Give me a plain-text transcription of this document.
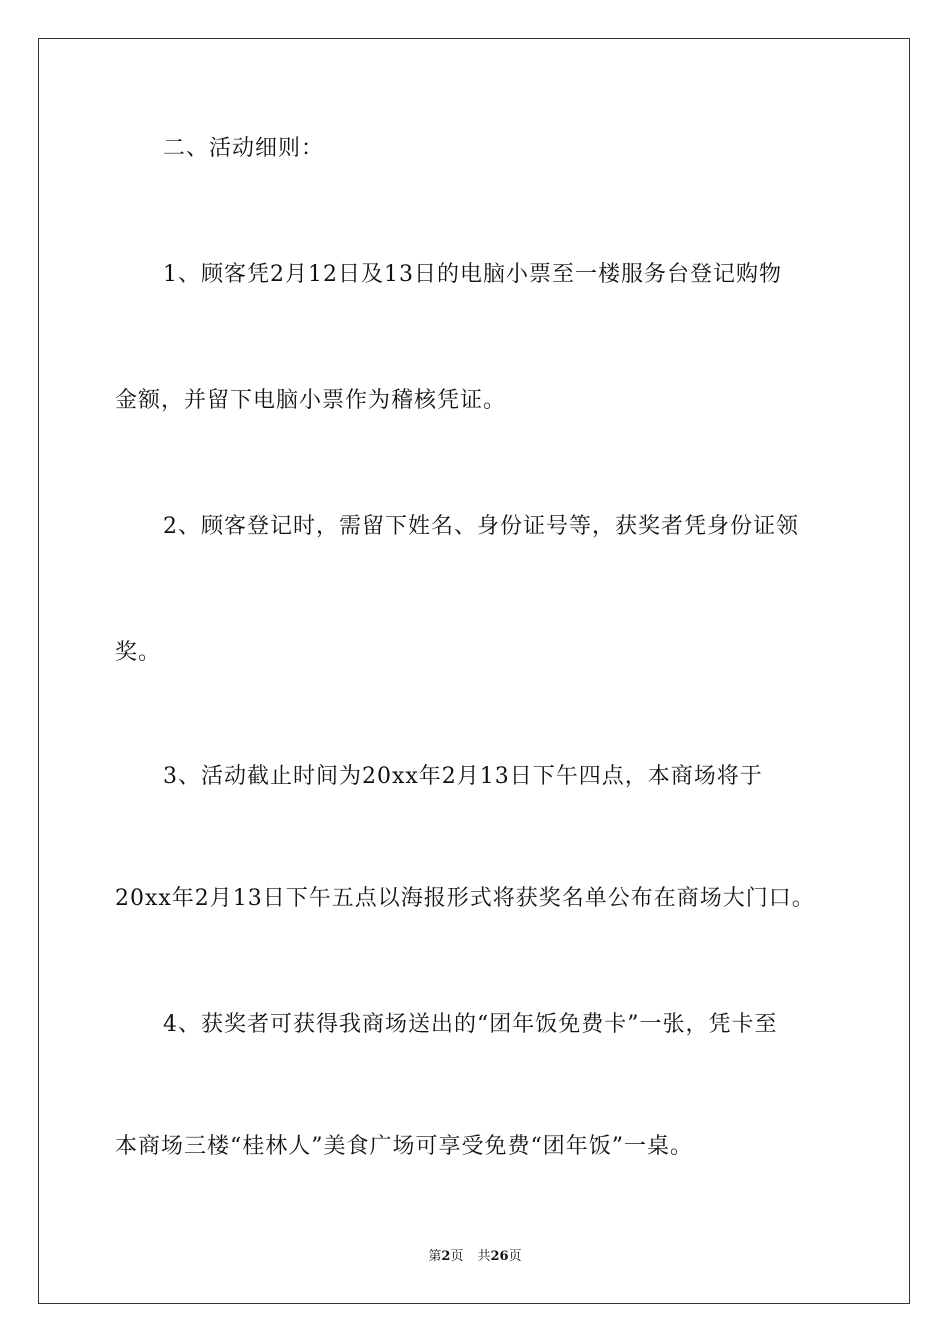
二、活动细则：
1、顾客凭2月12日及13日的电脑小票至一楼服务台登记购物
金额，并留下电脑小票作为稽核凭证。
2、顾客登记时，需留下姓名、身份证号等，获奖者凭身份证领
奖。
3、活动截止时间为20xx年2月13日下午四点，本商场将于
20xx年2月13日下午五点以海报形式将获奖名单公布在商场大门口。
4、获奖者可获得我商场送出的“团年饭免费卡”一张，凭卡至
本商场三楼“桂林人”美食广场可享受免费“团年饭”一桌。
第2页 共26页
